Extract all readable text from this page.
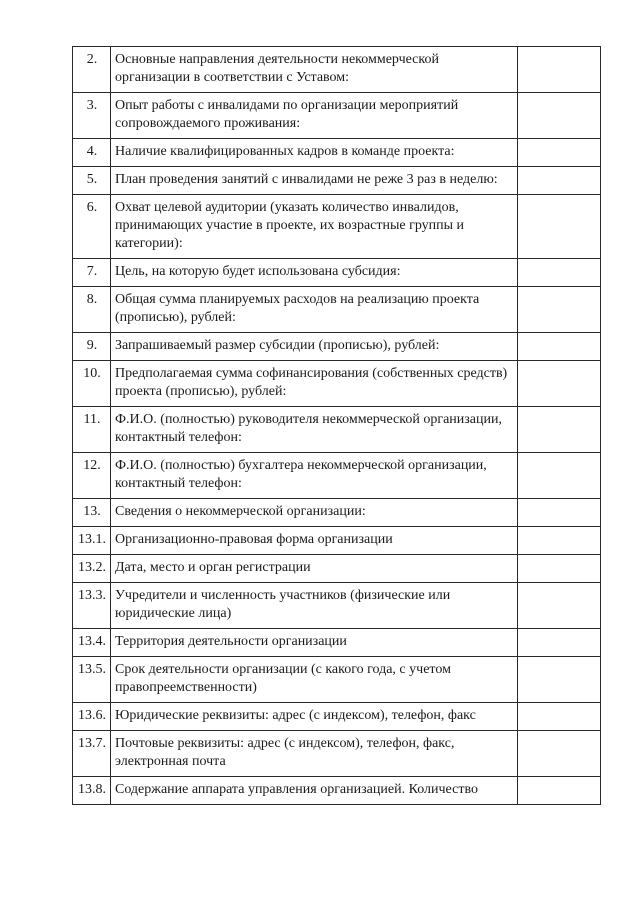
2.	Основные направления деятельности некоммерческой организации в соответствии с Уставом:	
3.	Опыт работы с инвалидами по организации мероприятий сопровождаемого проживания:	
4.	Наличие квалифицированных кадров в команде проекта:	
5.	План проведения занятий с инвалидами не реже 3 раз в неделю:	
6.	Охват целевой аудитории (указать количество инвалидов, принимающих участие в проекте, их возрастные группы и категории):	
7.	Цель, на которую будет использована субсидия:	
8.	Общая сумма планируемых расходов на реализацию проекта (прописью), рублей:	
9.	Запрашиваемый размер субсидии (прописью), рублей:	
10.	Предполагаемая сумма софинансирования (собственных средств) проекта (прописью), рублей:	
11.	Ф.И.О. (полностью) руководителя некоммерческой организации, контактный телефон:	
12.	Ф.И.О. (полностью) бухгалтера некоммерческой организации, контактный телефон:	
13.	Сведения о некоммерческой организации:	
13.1.	Организационно-правовая форма организации	
13.2.	Дата, место и орган регистрации	
13.3.	Учредители и численность участников (физические или юридические лица)	
13.4.	Территория деятельности организации	
13.5.	Срок деятельности организации (с какого года, с учетом правопреемственности)	
13.6.	Юридические реквизиты: адрес (с индексом), телефон, факс	
13.7.	Почтовые реквизиты: адрес (с индексом), телефон, факс, электронная почта	
13.8.	Содержание аппарата управления организацией. Количество	
